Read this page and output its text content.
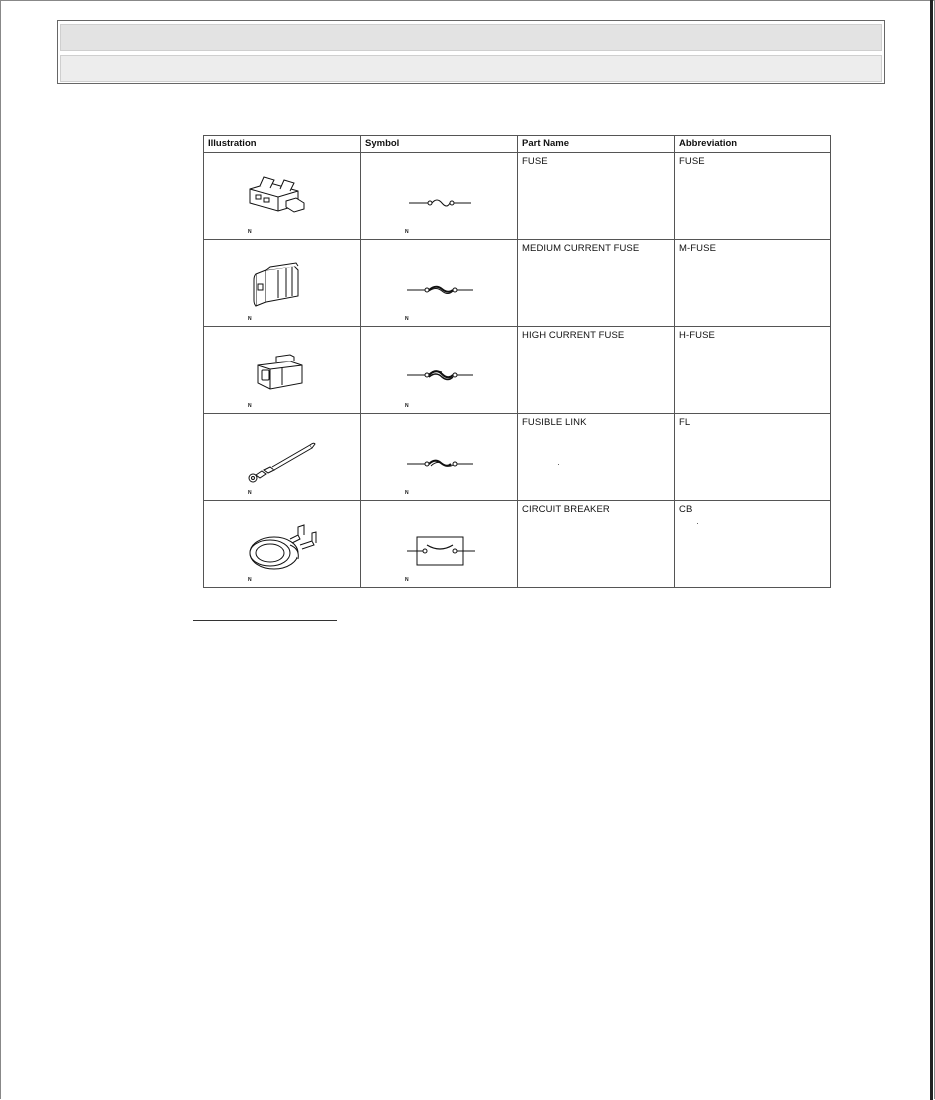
Illustration	Symbol	Part Name	Abbreviation

N	N	FUSE	FUSE

N	N	MEDIUM CURRENT FUSE	M-FUSE

N	N	HIGH CURRENT FUSE	H-FUSE

N	N	FUSIBLE LINK	FL

N	N	CIRCUIT BREAKER	CB
